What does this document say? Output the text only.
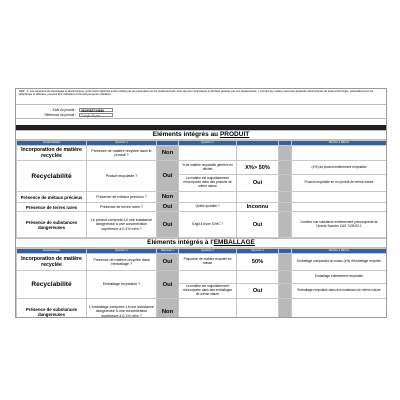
REP : 1° Les équipements électriques et électroniques, qu'ils soient destinés à être utilisés par les particuliers ou les professionnels, ainsi que les composants et déchets générés par ces équipements, y compris les métaux rares des appareils électroniques de toute technologie, particulièrement les téléphones et tablettes, pouvant être collectés et réemployés après utilisation
EAN du produit :	3615083743640
Référence du produit :	Tuwyb 05 pm
Eléments intégrés au PRODUIT
Caractéristique	Question 1		Question 2			Mention à afficher
Incorporation de matière recyclée	Présence de matière recyclée dans le produit ?	Non				
Recyclabilité	Produit recyclable ?	Oui	% de matière recyclable générés en déchet	X%> 50%		(X%) du produit entièrement recyclable
			La matière est majoritairement réincorporée dans des produits de même nature	Oui		Produit recyclable en un produit de même nature
Présence de métaux précieux	Présence de métaux précieux ?	Non				
Présence de terres rares	Présence de terres rares ?	Oui	Quelle quantité ?	Inconnu		
Présence de substances dangereuses	Le produit comporte-t-il une substance dangereuse à une concentration supérieure à 0,1% m/m ?	Oui	S'agit-il d'une SVHC ?	Oui		Contient une substance extrêmement préoccupante de l'Annde Numéro CAS 7439-92-1
Eléments intégrés à l'EMBALLAGE
Caractéristique	Question 1	Réponse 1	Question 2	Réponse 2		Mention à afficher
Incorporation de matière recyclée	Présence de matière recyclée dans l'emballage ?	Oui	Proportion de matière recyclée en masse	50%		Emballage comportant au moins (x%) d'emballage recyclée
Recyclabilité	Emballage recyclable ?	Oui				Emballage entièrement recyclable
			La matière est majoritairement réincorporée dans des emballages de même nature	Oui		Emballage recyclable dans des matériaux de même nature
Présence de substances dangereuses	L'emballage comporte-t-il une substance dangereuse à une concentration supérieure à 0,1% m/m ?	Non				
